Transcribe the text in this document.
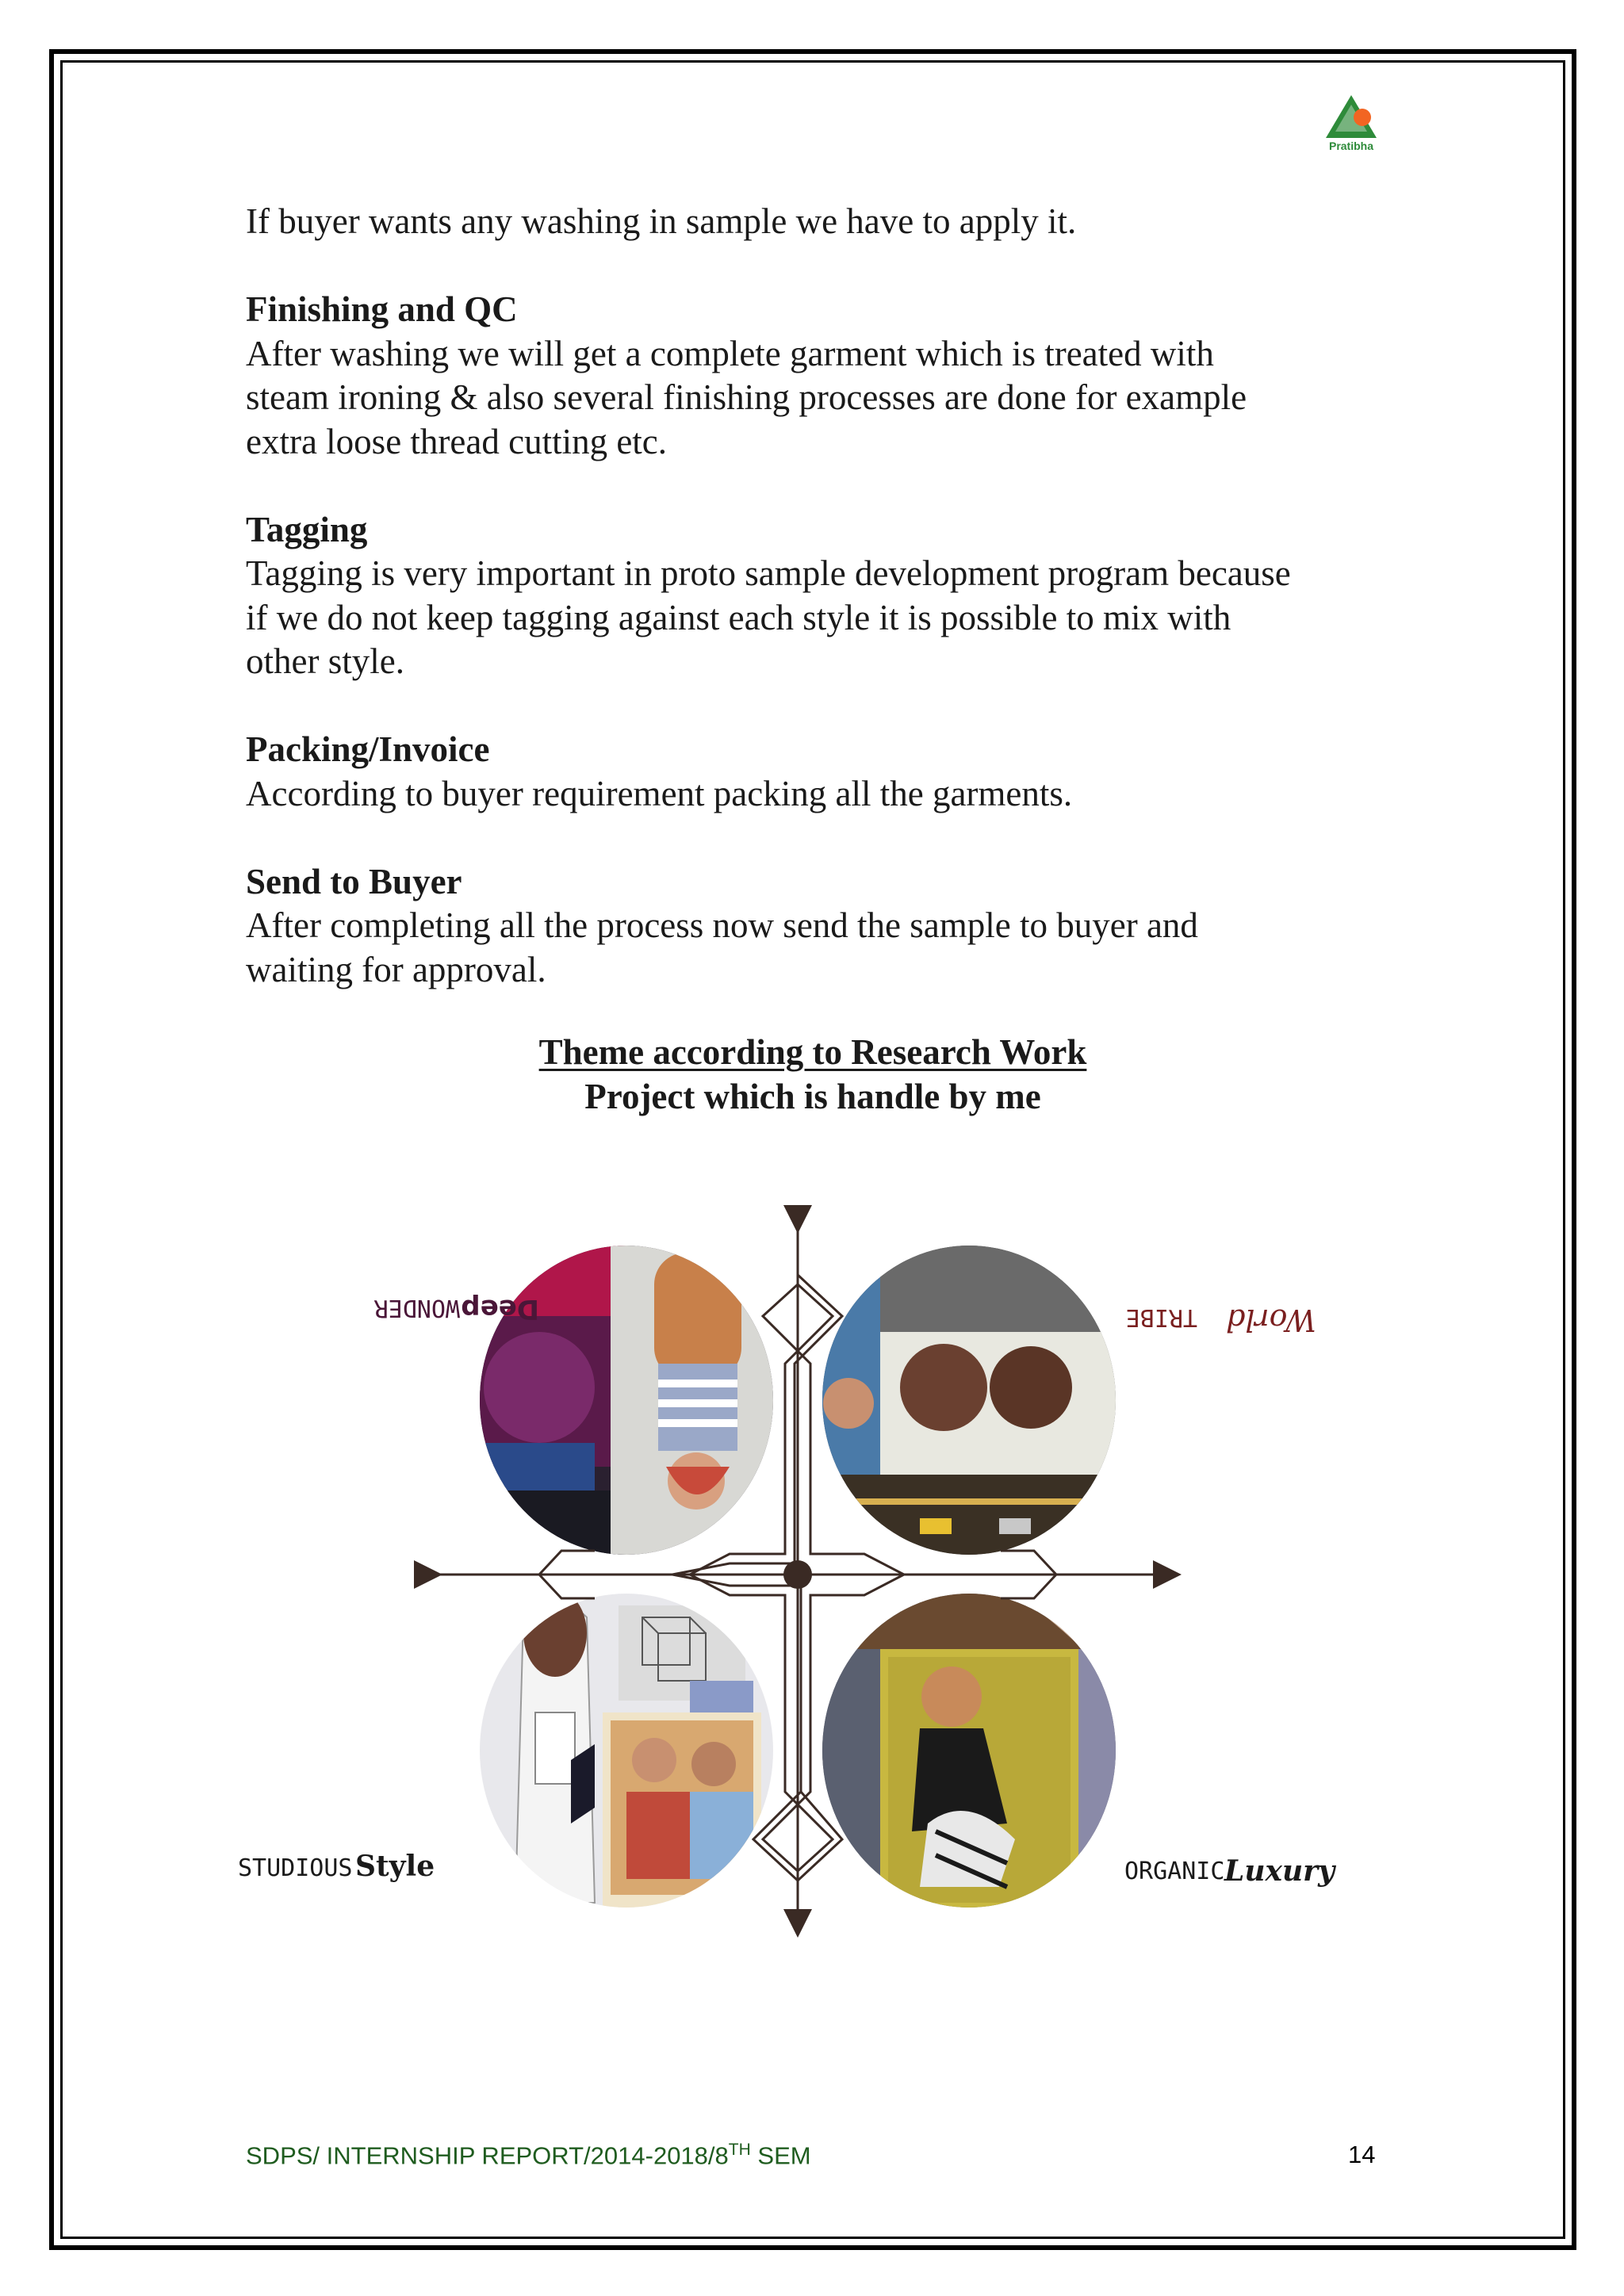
Pratibha

If buyer wants any washing in sample we have to apply it.

Finishing and QC

After washing we will get a complete garment which is treated with

steam ironing & also several finishing processes are done for example

extra loose thread cutting etc.

Tagging

Tagging is very important in proto sample development program because

if we do not keep tagging against each style it is possible to mix with

other style.

Packing/Invoice

According to buyer requirement packing all the garments.

Send to Buyer

After completing all the process now send the sample to buyer and

waiting for approval.

Theme according to Research Work
Project which is handle by me
Deep
WONDER	World
TRIBE
STUDIOUS'
Style	ORGANIC Luxury
SDPS/ INTERNSHIP REPORT/2014-2018/8TH SEM	14
